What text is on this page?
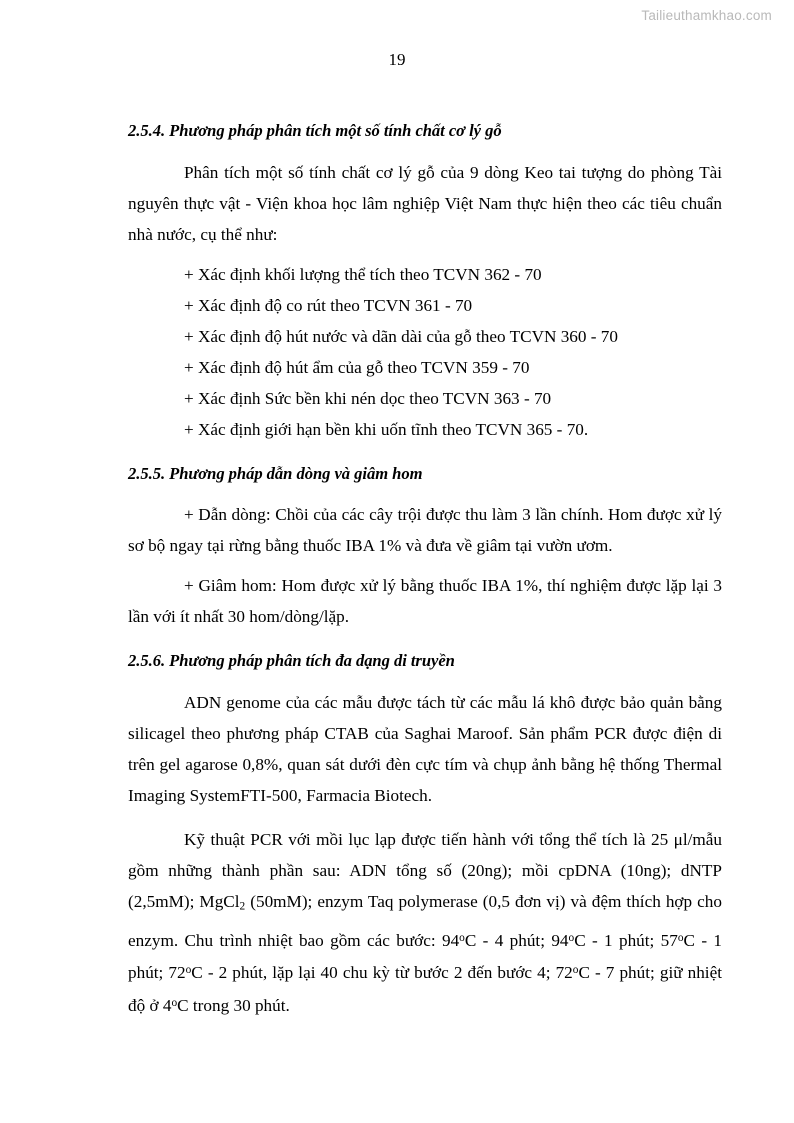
Tailieuthamkhao.com
19
2.5.4. Phương pháp phân tích một số tính chất cơ lý gỗ

Phân tích một số tính chất cơ lý gỗ của 9 dòng Keo tai tượng do phòng Tài nguyên thực vật - Viện khoa học lâm nghiệp Việt Nam thực hiện theo các tiêu chuẩn nhà nước, cụ thể như:

+ Xác định khối lượng thể tích theo TCVN 362 - 70
+ Xác định độ co rút theo TCVN 361 - 70
+ Xác định độ hút nước và dãn dài của gỗ theo TCVN 360 - 70
+ Xác định độ hút ẩm của gỗ theo TCVN 359 - 70
+ Xác định Sức bền khi nén dọc theo TCVN 363 - 70
+ Xác định giới hạn bền khi uốn tĩnh theo TCVN 365 - 70.
2.5.5. Phương pháp dẫn dòng và giâm hom

+ Dẫn dòng: Chồi của các cây trội được thu làm 3 lần chính. Hom được xử lý sơ bộ ngay tại rừng bằng thuốc IBA 1% và đưa về giâm tại vườn ươm.

+ Giâm hom: Hom được xử lý bằng thuốc IBA 1%, thí nghiệm được lặp lại 3 lần với ít nhất 30 hom/dòng/lặp.

2.5.6. Phương pháp phân tích đa dạng di truyền

ADN genome của các mẫu được tách từ các mẫu lá khô được bảo quản bằng silicagel theo phương pháp CTAB của Saghai Maroof. Sản phẩm PCR được điện di trên gel agarose 0,8%, quan sát dưới đèn cực tím và chụp ảnh bằng hệ thống Thermal Imaging SystemFTI-500, Farmacia Biotech.

Kỹ thuật PCR với mồi lục lạp được tiến hành với tổng thể tích là 25 μl/mẫu gồm những thành phần sau: ADN tổng số (20ng); mồi cpDNA (10ng); dNTP (2,5mM); MgCl$_2$ (50mM); enzym Taq polymerase (0,5 đơn vị) và đệm thích hợp cho enzym. Chu trình nhiệt bao gồm các bước: 94$^o$C - 4 phút; 94$^o$C - 1 phút; 57$^o$C - 1 phút; 72$^o$C - 2 phút, lặp lại 40 chu kỳ từ bước 2 đến bước 4; 72$^o$C - 7 phút; giữ nhiệt độ ở 4$^o$C trong 30 phút.
